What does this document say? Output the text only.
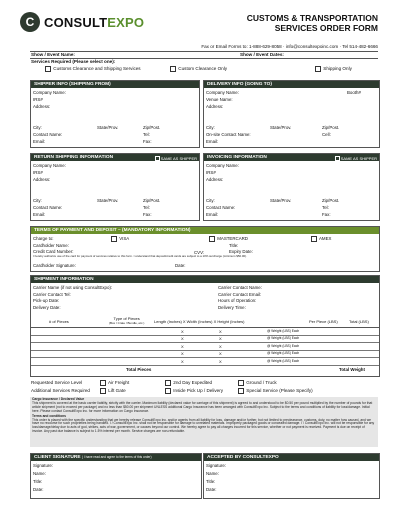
C CONSULTEXPO	CUSTOMS & TRANSPORTATION
SERVICES ORDER FORM
Fax or Email Forms to: 1-888-629-8058 · info@consultexpoinc.com · Tel 514-482-6666
Show / Event Name:	Show / Event Dates:
Services Required (Please select one):
Customs Clearance and Shipping Services	Custom Clearance Only	Shipping Only
SHIPPER INFO (SHIPPING FROM)
Company Name:
IRS#
Address:
City:	State/Prov.	Zip/Post.
Contact Name:	Tel:
Email:	Fax:
DELIVERY INFO (GOING TO)
Company Name:	Booth#
Venue Name:
Address:
City:	State/Prov.	Zip/Post.
On-site Contact Name:	Cell:
Email:
RETURN SHIPPING INFORMATION	SAME AS SHIPPER
Company Name:
IRS#
Address:
City:	State/Prov.	Zip/Post.
Contact Name:	Tel:
Email:	Fax:
INVOICING INFORMATION	SAME AS SHIPPER
Company Name:
IRS#
Address:
City:	State/Prov.	Zip/Post.
Contact Name:	Tel:
Email:	Fax:
TERMS OF PAYMENT AND DEPOSIT – (MANDATORY INFORMATION)
Charge to:	VISA	MASTERCARD	AMEX
Cardholder Name:	Title:
Credit Card Number:	CVV:	Expiry Date:
I hereby authorize use of the card for payment of services relative to this form. I understand that deposit/credit cards are subject to a 10% surcharge (minimum $50.00).
Cardholder Signature:	Date:
SHIPMENT INFORMATION
Carrier Name (if not using ConsultExpo):	Carrier Contact Name:
Carrier Contact Tel:	Carrier Contact Email:
Pick-up Date:	Hours of Operation:
Delivery Date:	Delivery Time:
# of Pieces
Type of Pieces
(Box / Crate / Bundle, etc.) Length (Inches) X Width (Inches) X Height (Inches)	Per Piece (LBS)	Total (LBS)
X	X	@ Weight (LBS) Each
X	X	@ Weight (LBS) Each
X	X	@ Weight (LBS) Each
X	X	@ Weight (LBS) Each
X	X	@ Weight (LBS) Each
Total Pieces	Total Weight
Requested Service Level	Air Freight	2nd Day Expedited	Ground / Truck
Additional Services Required	Lift Gate	Inside Pick Up / Delivery	Special Service (Please Specify)
Cargo Insurance / Declared Value
This shipment is covered at the basic carrier liability, strictly with the carrier. Maximum liability (declared value for carriage of this shipment) is agreed to and understood to be $0.50 per pound multiplied by the number of pounds for that article shipment (not to exceed per package) and no less than $50.00 per shipment UNLESS additional Cargo Insurance has been arranged with ConsultExpo Inc. Subject to the terms and conditions of liability for loss/damage. Initial here. Please contact ConsultExpo Inc. for more information on Cargo Insurance.
Terms and conditions
This order is placed with the specific understanding that we hereby release ConsultExpo Inc. and/or agents from all liability for loss, damage and/or further, but not limited to preclearance, customs, duty, no matter how caused, and we have no recourse for such proprieties being handled. I / ConsultExpo Inc. shall not be responsible for damage to unrelated materials. Improperly packaged goods or concealed damage. I / ConsultExpo Inc. will not be responsible for any loss/damage/delay due to acts of god, strikes, acts of war, government, or causes beyond our control. We hereby agree to pay all charges incurred for this service, whether or not payment is received. Payment is due on receipt of invoice. Any past due balance is subject to 1.5% interest per month. Service charges are non-refundable.
CLIENT SIGNATURE ( I have read and agree to the terms of this order)
Signature:
Name:
Title:
Date:
ACCEPTED BY CONSULTEXPO
Signature:
Name:
Title:
Date:
